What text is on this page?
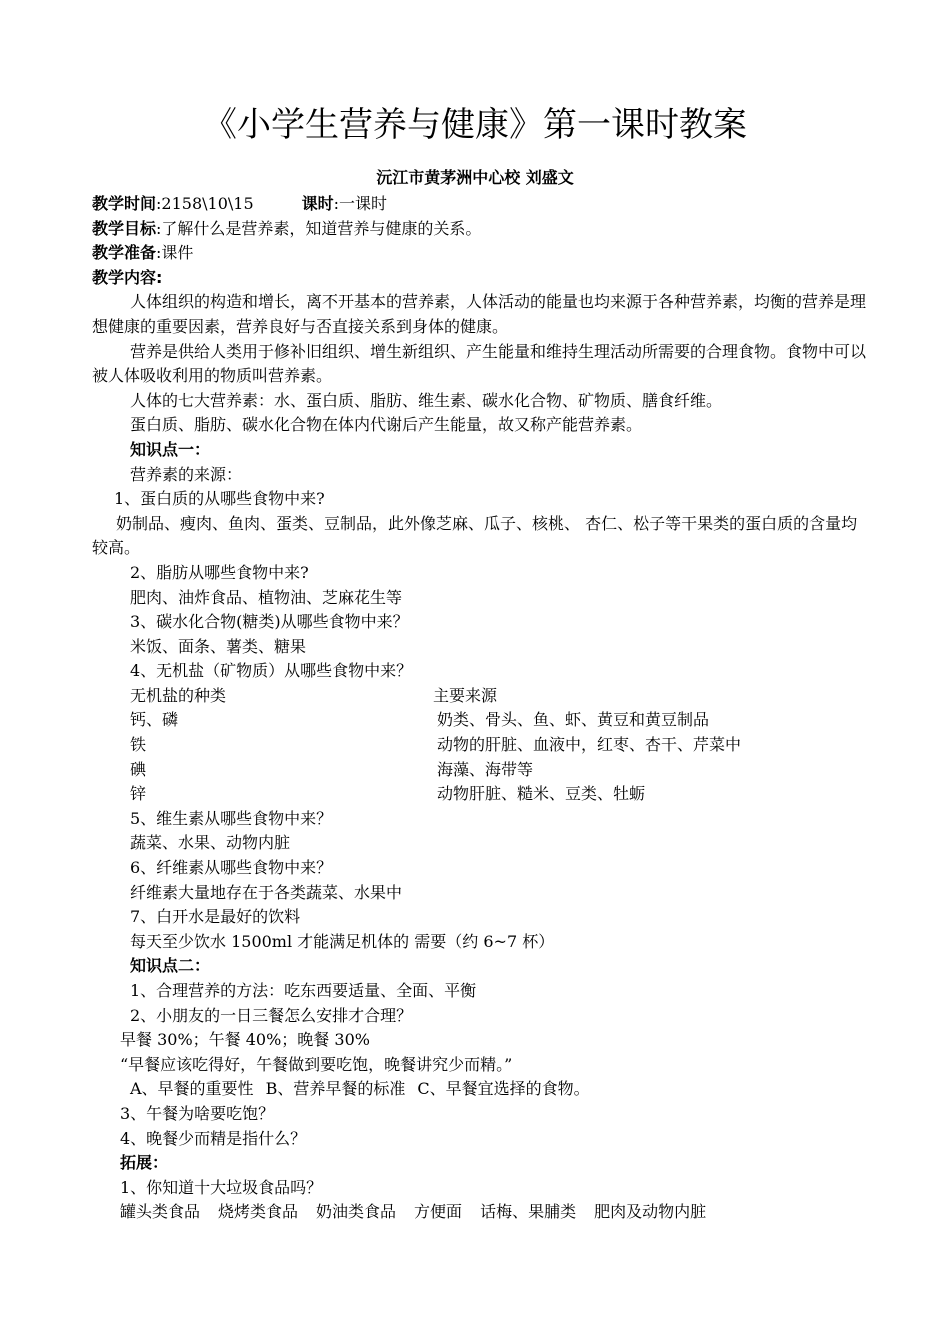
《小学生营养与健康》第一课时教案
沅江市黄茅洲中心校 刘盛文
教学时间:2158\10\15	课时:一课时
教学目标:了解什么是营养素，知道营养与健康的关系。
教学准备:课件
教学内容:
人体组织的构造和增长，离不开基本的营养素，人体活动的能量也均来源于各种营养素，均衡的营养是理想健康的重要因素，营养良好与否直接关系到身体的健康。
营养是供给人类用于修补旧组织、增生新组织、产生能量和维持生理活动所需要的合理食物。食物中可以被人体吸收利用的物质叫营养素。
人体的七大营养素：水、蛋白质、脂肪、维生素、碳水化合物、矿物质、膳食纤维。
蛋白质、脂肪、碳水化合物在体内代谢后产生能量，故又称产能营养素。
知识点一：
营养素的来源：
1、蛋白质的从哪些食物中来?
奶制品、瘦肉、鱼肉、蛋类、豆制品，此外像芝麻、瓜子、核桃、 杏仁、松子等干果类的蛋白质的含量均较高。
2、脂肪从哪些食物中来?
肥肉、油炸食品、植物油、芝麻花生等
3、碳水化合物(糖类)从哪些食物中来？
米饭、面条、薯类、糖果
4、无机盐（矿物质）从哪些食物中来？
无机盐的种类	主要来源
钙、磷	奶类、骨头、鱼、虾、黄豆和黄豆制品
铁	动物的肝脏、血液中，红枣、杏干、芹菜中
碘	海藻、海带等
锌	动物肝脏、糙米、豆类、牡蛎
5、维生素从哪些食物中来？
蔬菜、水果、动物内脏
6、纤维素从哪些食物中来？
纤维素大量地存在于各类蔬菜、水果中
7、白开水是最好的饮料
每天至少饮水 1500ml 才能满足机体的 需要（约 6~7 杯）
知识点二：
1、合理营养的方法：吃东西要适量、全面、平衡
2、小朋友的一日三餐怎么安排才合理？
早餐 30%；午餐 40%；晚餐 30%
“早餐应该吃得好，午餐做到要吃饱，晚餐讲究少而精。”
A、早餐的重要性 B、营养早餐的标准 C、早餐宜选择的食物。
3、午餐为啥要吃饱？
4、晚餐少而精是指什么？
拓展：
1、你知道十大垃圾食品吗？
罐头类食品 烧烤类食品 奶油类食品 方便面 话梅、果脯类 肥肉及动物内脏
